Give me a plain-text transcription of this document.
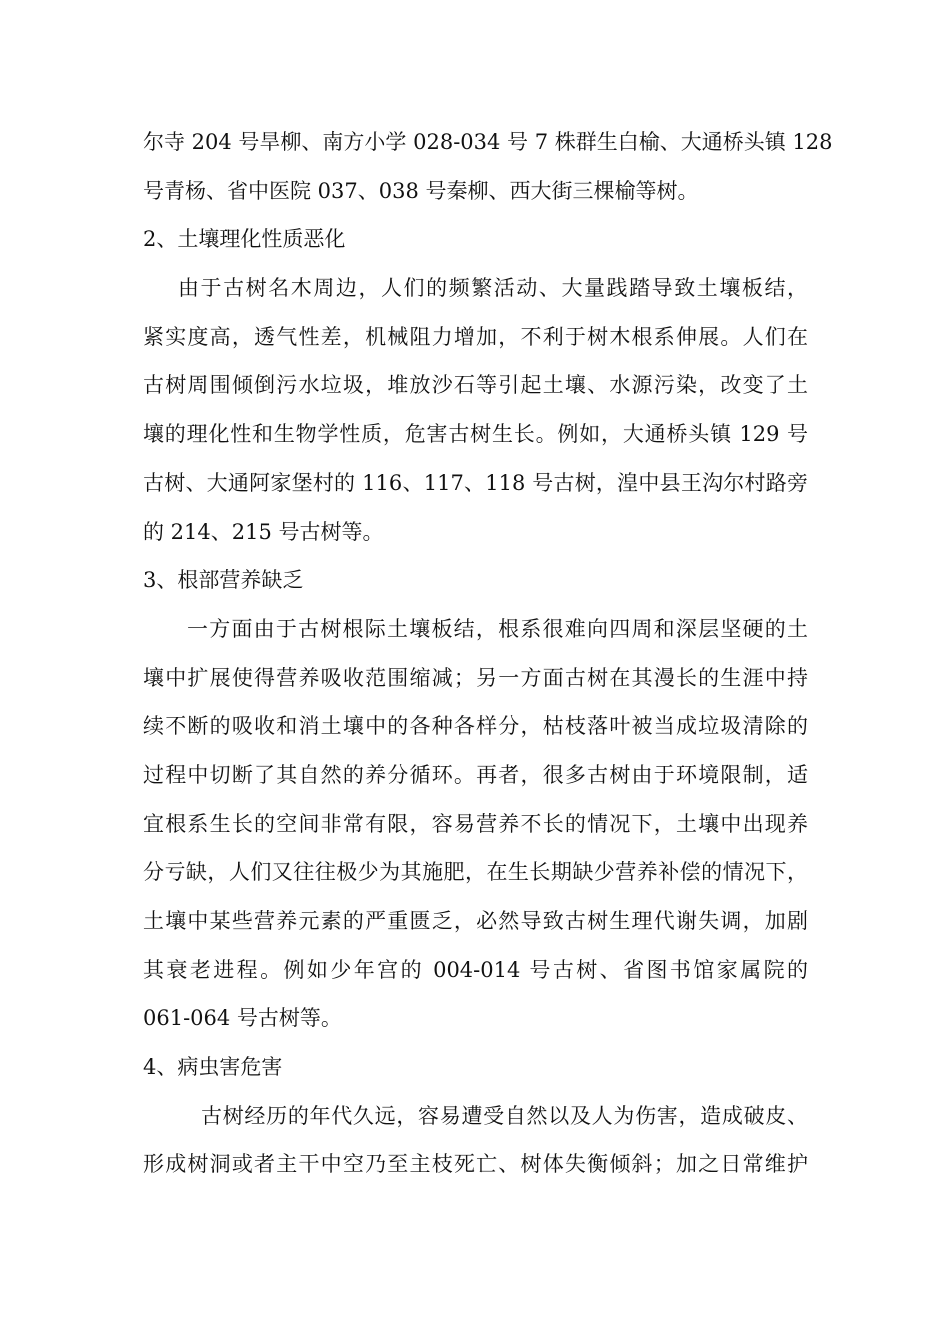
尔寺 204 号旱柳、南方小学 028-034 号 7 株群生白榆、大通桥头镇 128
号青杨、省中医院 037、038 号秦柳、西大街三棵榆等树。
2、土壤理化性质恶化
由于古树名木周边，人们的频繁活动、大量践踏导致土壤板结，
紧实度高，透气性差，机械阻力增加，不利于树木根系伸展。人们在
古树周围倾倒污水垃圾，堆放沙石等引起土壤、水源污染，改变了土
壤的理化性和生物学性质，危害古树生长。例如，大通桥头镇 129 号
古树、大通阿家堡村的 116、117、118 号古树，湟中县王沟尔村路旁
的 214、215 号古树等。
3、根部营养缺乏
一方面由于古树根际土壤板结，根系很难向四周和深层坚硬的土
壤中扩展使得营养吸收范围缩减；另一方面古树在其漫长的生涯中持
续不断的吸收和消土壤中的各种各样分，枯枝落叶被当成垃圾清除的
过程中切断了其自然的养分循环。再者，很多古树由于环境限制，适
宜根系生长的空间非常有限，容易营养不长的情况下，土壤中出现养
分亏缺，人们又往往极少为其施肥，在生长期缺少营养补偿的情况下，
土壤中某些营养元素的严重匮乏，必然导致古树生理代谢失调，加剧
其衰老进程。例如少年宫的 004-014 号古树、省图书馆家属院的
061-064 号古树等。
4、病虫害危害
古树经历的年代久远，容易遭受自然以及人为伤害，造成破皮、
形成树洞或者主干中空乃至主枝死亡、树体失衡倾斜；加之日常维护
